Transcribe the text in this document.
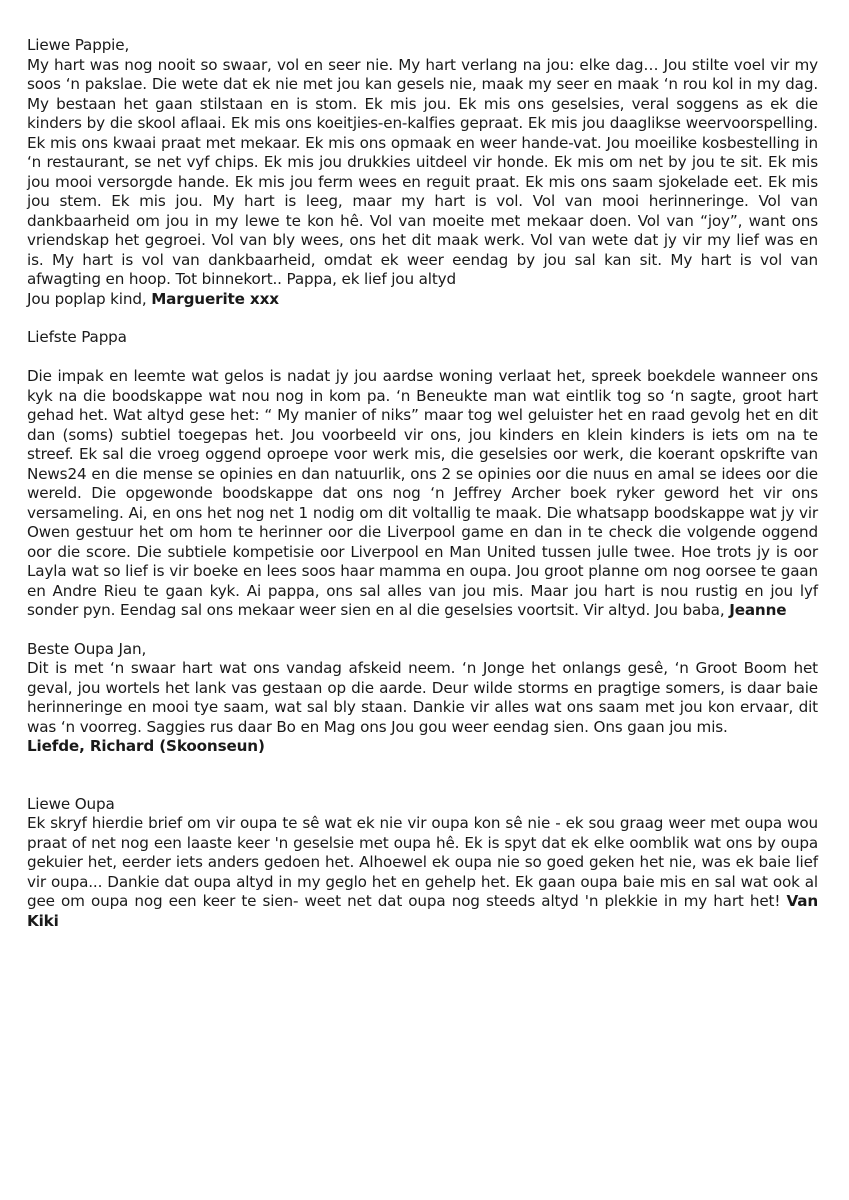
Liewe Pappie,

My hart was nog nooit so swaar, vol en seer nie. My hart verlang na jou: elke dag… Jou stilte voel vir my soos ‘n pakslae. Die wete dat ek nie met jou kan gesels nie, maak my seer en maak ‘n rou kol in my dag. My bestaan het gaan stilstaan en is stom. Ek mis jou. Ek mis ons geselsies, veral soggens as ek die kinders by die skool aflaai. Ek mis ons koeitjies-en-kalfies gepraat. Ek mis jou daaglikse weervoorspelling. Ek mis ons kwaai praat met mekaar. Ek mis ons opmaak en weer hande-vat. Jou moeilike kosbestelling in ‘n restaurant, se net vyf chips. Ek mis jou drukkies uitdeel vir honde. Ek mis om net by jou te sit. Ek mis jou mooi versorgde hande. Ek mis jou ferm wees en reguit praat. Ek mis ons saam sjokelade eet. Ek mis jou stem. Ek mis jou. My hart is leeg, maar my hart is vol. Vol van mooi herinneringe. Vol van dankbaarheid om jou in my lewe te kon hê. Vol van moeite met mekaar doen. Vol van “joy”, want ons vriendskap het gegroei. Vol van bly wees, ons het dit maak werk. Vol van wete dat jy vir my lief was en is. My hart is vol van dankbaarheid, omdat ek weer eendag by jou sal kan sit. My hart is vol van afwagting en hoop. Tot binnekort.. Pappa, ek lief jou altyd

Jou poplap kind, Marguerite xxx

Liefste Pappa

Die impak en leemte wat gelos is nadat jy jou aardse woning verlaat het, spreek boekdele wanneer ons kyk na die boodskappe wat nou nog in kom pa. ‘n Beneukte man wat eintlik tog so ‘n sagte, groot hart gehad het. Wat altyd gese het: “ My manier of niks” maar tog wel geluister het en raad gevolg het en dit dan (soms) subtiel toegepas het. Jou voorbeeld vir ons, jou kinders en klein kinders is iets om na te streef. Ek sal die vroeg oggend oproepe voor werk mis, die geselsies oor werk, die koerant opskrifte van News24 en die mense se opinies en dan natuurlik, ons 2 se opinies oor die nuus en amal se idees oor die wereld. Die opgewonde boodskappe dat ons nog ‘n Jeffrey Archer boek ryker geword het vir ons versameling. Ai, en ons het nog net 1 nodig om dit voltallig te maak. Die whatsapp boodskappe wat jy vir Owen gestuur het om hom te herinner oor die Liverpool game en dan in te check die volgende oggend oor die score. Die subtiele kompetisie oor Liverpool en Man United tussen julle twee. Hoe trots jy is oor Layla wat so lief is vir boeke en lees soos haar mamma en oupa. Jou groot planne om nog oorsee te gaan en Andre Rieu te gaan kyk. Ai pappa, ons sal alles van jou mis. Maar jou hart is nou rustig en jou lyf sonder pyn. Eendag sal ons mekaar weer sien en al die geselsies voortsit. Vir altyd. Jou baba, Jeanne

Beste Oupa Jan,

Dit is met ‘n swaar hart wat ons vandag afskeid neem. ‘n Jonge het onlangs gesê, ‘n Groot Boom het geval, jou wortels het lank vas gestaan op die aarde. Deur wilde storms en pragtige somers, is daar baie herinneringe en mooi tye saam, wat sal bly staan. Dankie vir alles wat ons saam met jou kon ervaar, dit was ‘n voorreg. Saggies rus daar Bo en Mag ons Jou gou weer eendag sien. Ons gaan jou mis.

Liefde, Richard (Skoonseun)

Liewe Oupa

Ek skryf hierdie brief om vir oupa te sê wat ek nie vir oupa kon sê nie - ek sou graag weer met oupa wou praat of net nog een laaste keer 'n geselsie met oupa hê. Ek is spyt dat ek elke oomblik wat ons by oupa gekuier het, eerder iets anders gedoen het. Alhoewel ek oupa nie so goed geken het nie, was ek baie lief vir oupa... Dankie dat oupa altyd in my geglo het en gehelp het. Ek gaan oupa baie mis en sal wat ook al gee om oupa nog een keer te sien- weet net dat oupa nog steeds altyd 'n plekkie in my hart het! Van Kiki
